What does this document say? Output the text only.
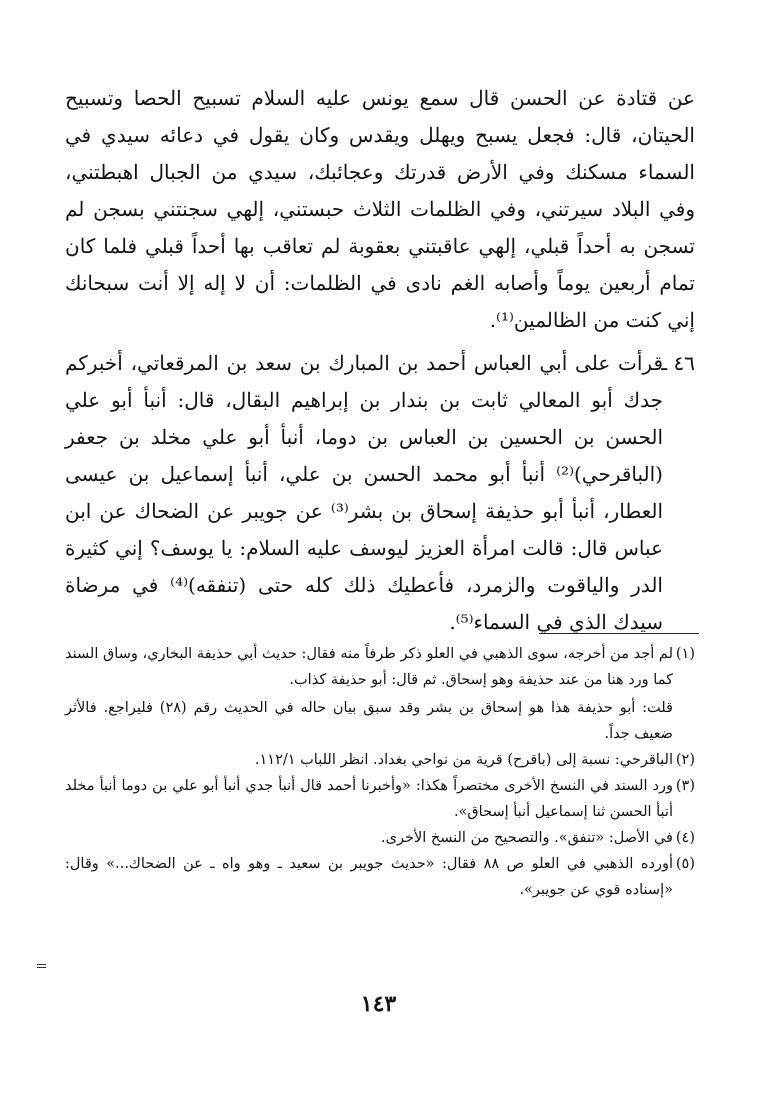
عن قتادة عن الحسن قال سمع يونس عليه السلام تسبيح الحصا وتسبيح الحيتان، قال: فجعل يسبح ويهلل ويقدس وكان يقول في دعائه سيدي في السماء مسكنك وفي الأرض قدرتك وعجائبك، سيدي من الجبال اهبطتني، وفي البلاد سيرتني، وفي الظلمات الثلاث حبستني، إلهي سجنتني بسجن لم تسجن به أحداً قبلي، إلهي عاقبتني بعقوبة لم تعاقب بها أحداً قبلي فلما كان تمام أربعين يوماً وأصابه الغم نادى في الظلمات: أن لا إله إلا أنت سبحانك إني كنت من الظالمين⁽¹⁾.

٤٦ ـ
قرأت على أبي العباس أحمد بن المبارك بن سعد بن المرقعاتي، أخبركم جدك أبو المعالي ثابت بن بندار بن إبراهيم البقال، قال: أنبأ أبو علي الحسن بن الحسين بن العباس بن دوما، أنبأ أبو علي مخلد بن جعفر (الباقرحي)⁽²⁾ أنبأ أبو محمد الحسن بن علي، أنبأ إسماعيل بن عيسى العطار، أنبأ أبو حذيفة إسحاق بن بشر⁽³⁾ عن جويبر عن الضحاك عن ابن عباس قال: قالت امرأة العزيز ليوسف عليه السلام: يا يوسف؟ إني كثيرة الدر والياقوت والزمرد، فأعطيك ذلك كله حتى (تنفقه)⁽⁴⁾ في مرضاة سيدك الذي في السماء⁽⁵⁾.

(١)
لم أجد من أخرجه، سوى الذهبي في العلو ذكر طرفاً منه فقال: حديث أبي حذيفة البخاري، وساق السند كما ورد هنا من عند حذيفة وهو إسحاق. ثم قال: أبو حذيفة كذاب.

قلت: أبو حذيفة هذا هو إسحاق بن بشر وقد سبق بيان حاله في الحديث رقم (٢٨) فليراجع. فالأثر ضعيف جداً.

(٢)
الباقرحي: نسبة إلى (باقرح) قرية من نواحي بغداد. انظر اللباب ١١٢/١.

(٣)
ورد السند في النسخ الأخرى مختصراً هكذا: «وأخبرنا أحمد قال أنبأ جدي أنبأ أبو علي بن دوما أنبأ مخلد أنبأ الحسن ثنا إسماعيل أنبأ إسحاق».

(٤)
في الأصل: «تنفق». والتصحيح من النسخ الأخرى.

(٥)
أورده الذهبي في العلو ص ٨٨ فقال: «حديث جويبر بن سعيد ـ وهو واه ـ عن الضحاك...» وقال: «إسناده قوي عن جويبر».

١٤٣
